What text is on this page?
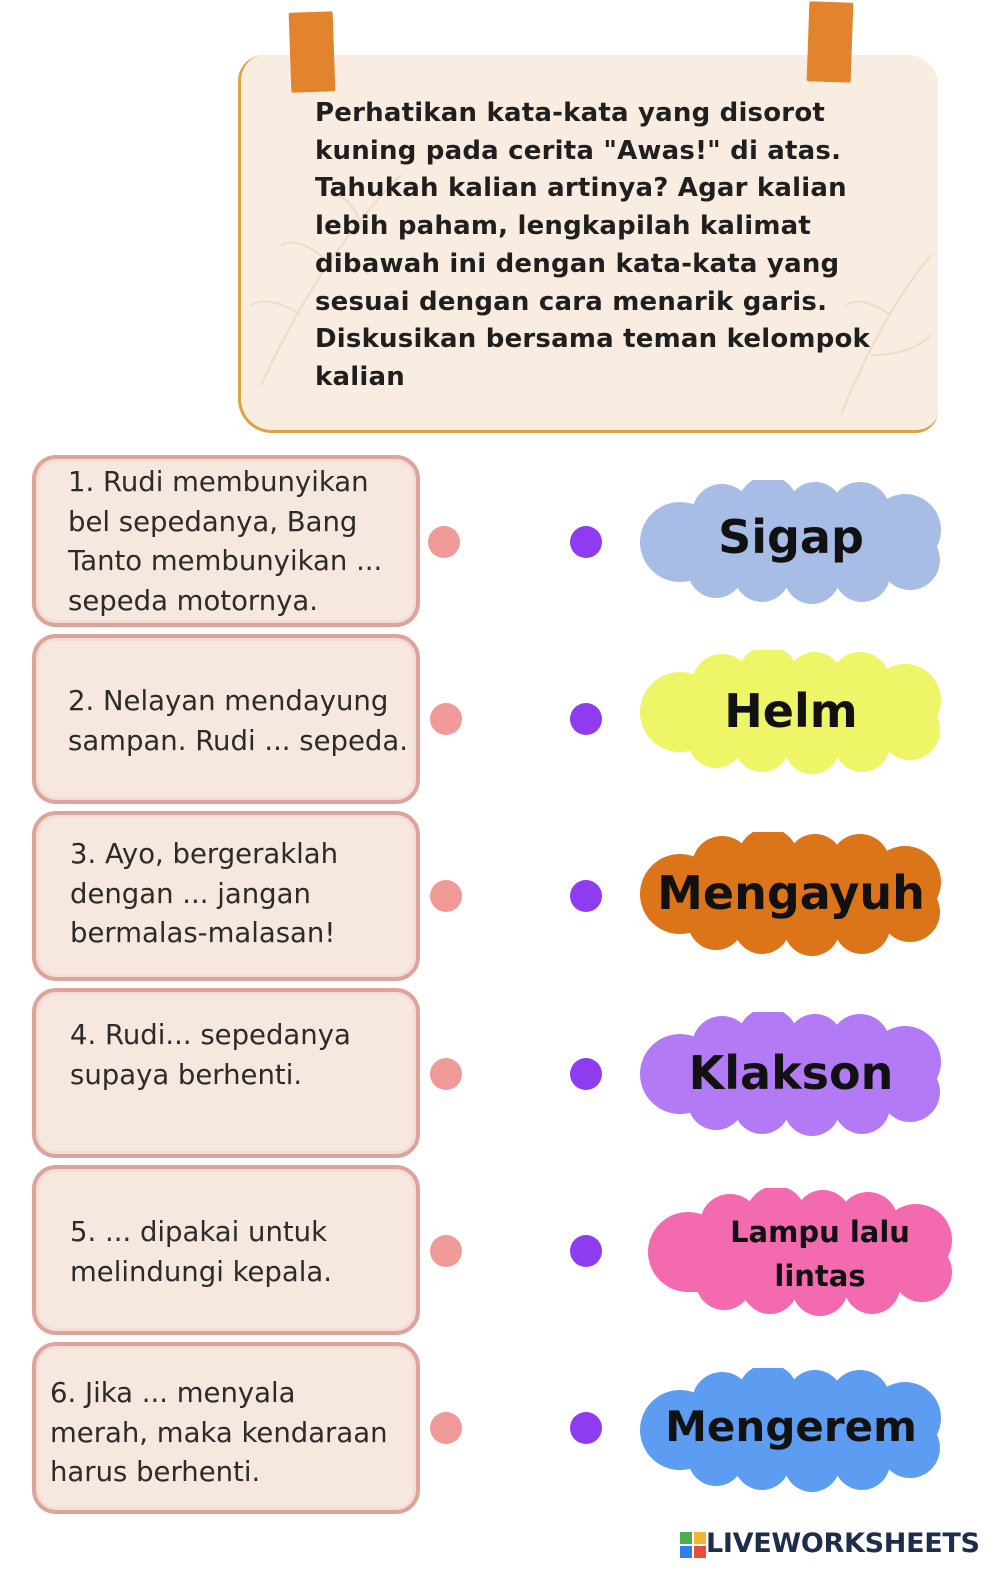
Perhatikan kata-kata yang disorot kuning pada cerita "Awas!" di atas. Tahukah kalian artinya? Agar kalian lebih paham, lengkapilah kalimat dibawah ini dengan kata-kata yang sesuai dengan cara menarik garis. Diskusikan bersama teman kelompok kalian
1. Rudi membunyikan bel sepedanya, Bang Tanto membunyikan ... sepeda motornya.
2. Nelayan mendayung sampan. Rudi ... sepeda.
3. Ayo, bergeraklah dengan ... jangan bermalas-malasan!
4. Rudi... sepedanya supaya berhenti.
5. ... dipakai untuk melindungi kepala.
6. Jika ... menyala merah, maka kendaraan harus berhenti.
Sigap
Helm
Mengayuh
Klakson
Lampu lalu lintas
Mengerem
LIVEWORKSHEETS
